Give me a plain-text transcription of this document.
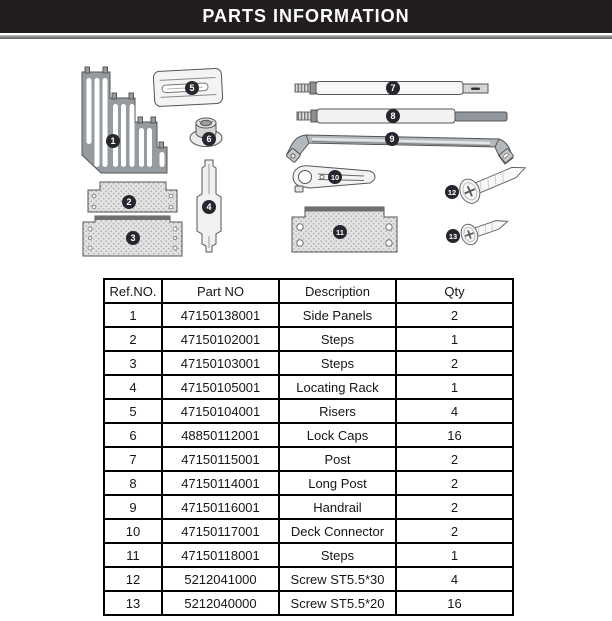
PARTS INFORMATION
1
2
3
4
5
6
7
8
9
10
11
12
13
Ref.NO.	Part NO	Description	Qty
1	47150138001	Side Panels	2
2	47150102001	Steps	1
3	47150103001	Steps	2
4	47150105001	Locating Rack	1
5	47150104001	Risers	4
6	48850112001	Lock Caps	16
7	47150115001	Post	2
8	47150114001	Long Post	2
9	47150116001	Handrail	2
10	47150117001	Deck Connector	2
11	47150118001	Steps	1
12	5212041000	Screw ST5.5*30	4
13	5212040000	Screw ST5.5*20	16
